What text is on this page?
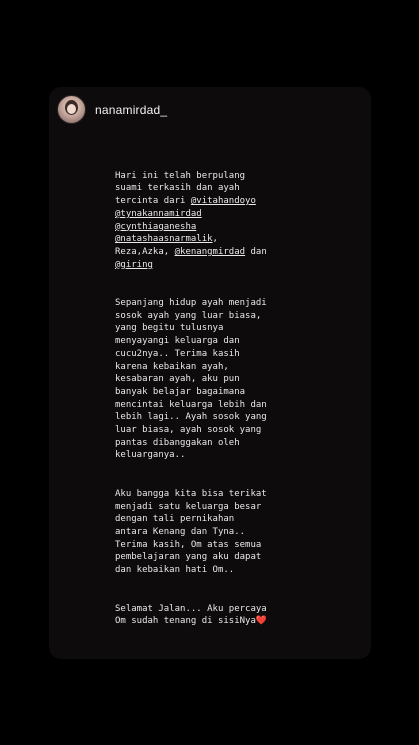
nanamirdad_

Hari ini telah berpulang
suami terkasih dan ayah
tercinta dari @vitahandoyo
@tynakannamirdad
@cynthiaganesha
@natashaasnarmalik,
Reza,Azka, @kenangmirdad dan
@giring

Sepanjang hidup ayah menjadi
sosok ayah yang luar biasa,
yang begitu tulusnya
menyayangi keluarga dan
cucu2nya.. Terima kasih
karena kebaikan ayah,
kesabaran ayah, aku pun
banyak belajar bagaimana
mencintai keluarga lebih dan
lebih lagi.. Ayah sosok yang
luar biasa, ayah sosok yang
pantas dibanggakan oleh
keluarganya..

Aku bangga kita bisa terikat
menjadi satu keluarga besar
dengan tali pernikahan
antara Kenang dan Tyna..
Terima kasih, Om atas semua
pembelajaran yang aku dapat
dan kebaikan hati Om..

Selamat Jalan... Aku percaya
Om sudah tenang di sisiNya❤️
